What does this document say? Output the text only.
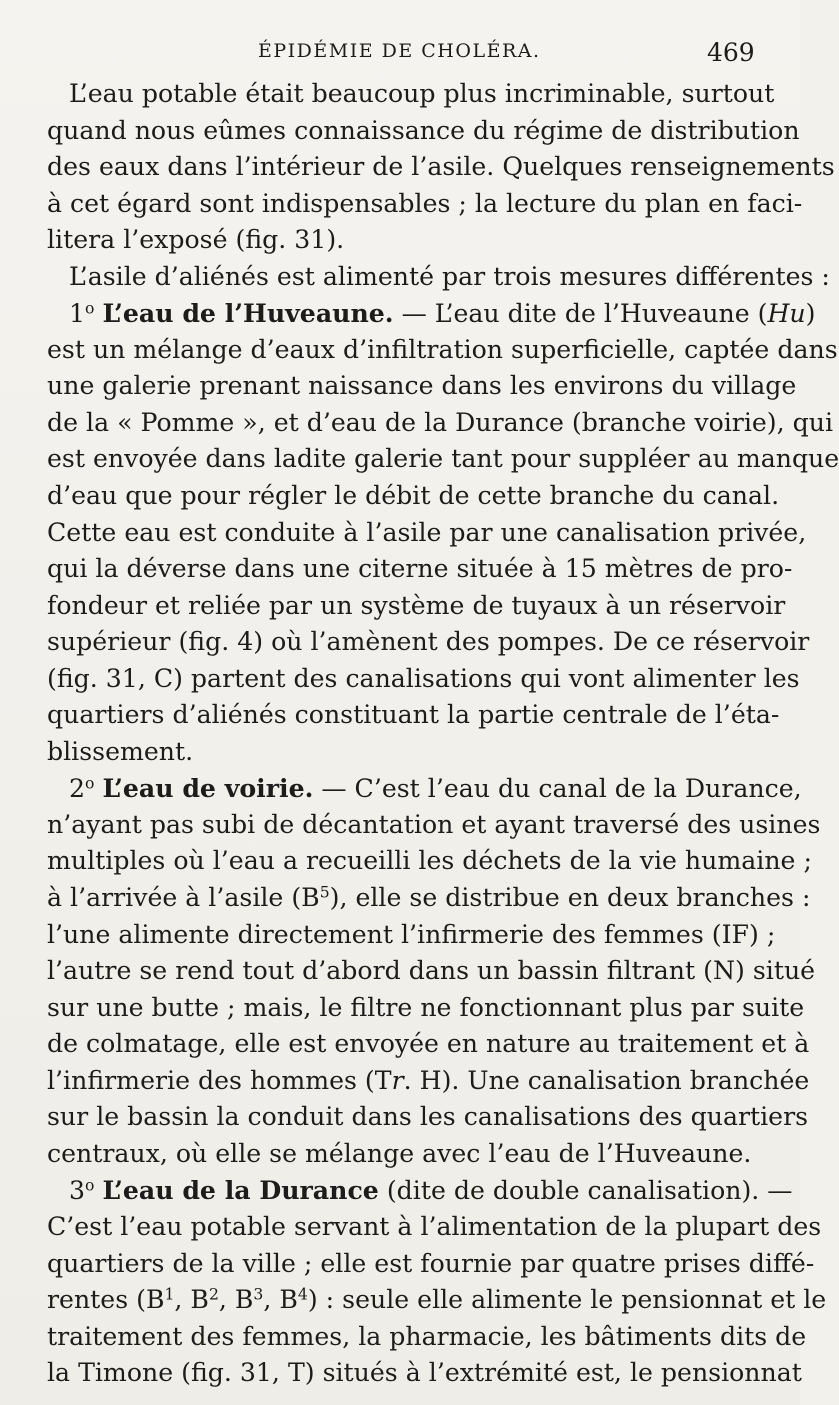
ÉPIDÉMIE DE CHOLÉRA.	469
L’eau potable était beaucoup plus incriminable, surtout
quand nous eûmes connaissance du régime de distribution
des eaux dans l’intérieur de l’asile. Quelques renseignements
à cet égard sont indispensables ; la lecture du plan en faci-
litera l’exposé (fig. 31).
L’asile d’aliénés est alimenté par trois mesures différentes :
1$^o$ L’eau de l’Huveaune. — L’eau dite de l’Huveaune (Hu)
est un mélange d’eaux d’infiltration superficielle, captée dans
une galerie prenant naissance dans les environs du village
de la « Pomme », et d’eau de la Durance (branche voirie), qui
est envoyée dans ladite galerie tant pour suppléer au manque
d’eau que pour régler le débit de cette branche du canal.
Cette eau est conduite à l’asile par une canalisation privée,
qui la déverse dans une citerne située à 15 mètres de pro-
fondeur et reliée par un système de tuyaux à un réservoir
supérieur (fig. 4) où l’amènent des pompes. De ce réservoir
(fig. 31, C) partent des canalisations qui vont alimenter les
quartiers d’aliénés constituant la partie centrale de l’éta-
blissement.
2$^o$ L’eau de voirie. — C’est l’eau du canal de la Durance,
n’ayant pas subi de décantation et ayant traversé des usines
multiples où l’eau a recueilli les déchets de la vie humaine ;
à l’arrivée à l’asile $(B^5)$, elle se distribue en deux branches :
l’une alimente directement l’infirmerie des femmes (IF) ;
l’autre se rend tout d’abord dans un bassin filtrant (N) situé
sur une butte ; mais, le filtre ne fonctionnant plus par suite
de colmatage, elle est envoyée en nature au traitement et à
l’infirmerie des hommes (Tr. H). Une canalisation branchée
sur le bassin la conduit dans les canalisations des quartiers
centraux, où elle se mélange avec l’eau de l’Huveaune.
3$^o$ L’eau de la Durance (dite de double canalisation). —
C’est l’eau potable servant à l’alimentation de la plupart des
quartiers de la ville ; elle est fournie par quatre prises diffé-
rentes ($B^1$, $B^2$, $B^3$, $B^4$) : seule elle alimente le pensionnat et le
traitement des femmes, la pharmacie, les bâtiments dits de
la Timone (fig. 31, T) situés à l’extrémité est, le pensionnat
